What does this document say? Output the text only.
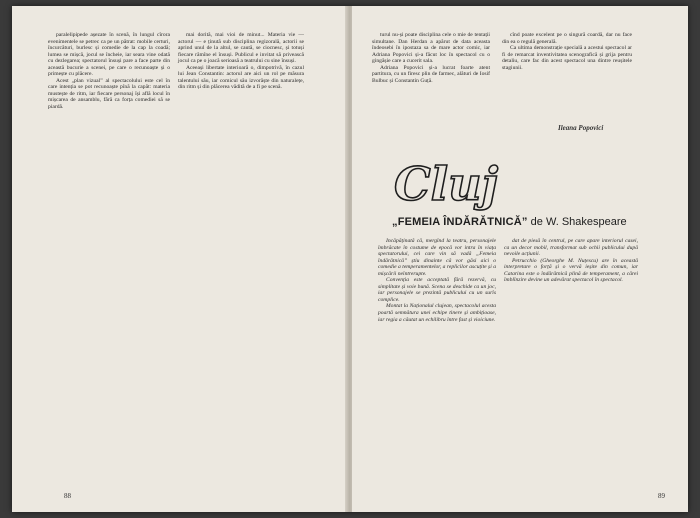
paralelipipede așezate în scenă, în lungul cîrora evenimentele se petrec ca pe un pătrat: mobile certuri, încurcături, burlesc și comedie de la cap la coadă; lumea se mișcă, jocul se încheie, iar seara vine odată cu dezlegarea; spectatorul însuși pare a face parte din această bucurie a scenei, pe care o recunoaște și o primește cu plăcere.

Acest „plan vizual” al spectacolului este cel în care intenția se pot recunoaște pînă la capăt: materia mustește de ritm, iar fiecare personaj își află locul în mișcarea de ansamblu, fără ca forța comediei să se piardă.

mai dorită, mai vioi de minut... Materia vie — actorul — e ținută sub disciplina regizorală, actorii se aprind unul de la altul, se caută, se ciocnesc, și totuși fiecare rămîne el însuși. Publicul e invitat să privească jocul ca pe o joacă serioasă a teatrului cu sine însuși.

Aceeași libertate interioară o, dimpotrivă, în cazul lui Jean Constantin: actorul are aici un rol pe măsura talentului său, iar comicul său izvorăște din naturalețe, din ritm și din plăcerea vădită de a fi pe scenă.

88

turul nu-și poate disciplina cele o mie de tentații simultane. Dan Herdan a apărut de data aceasta îndeosebi în ipostaza sa de mare actor comic, iar Adriana Popovici și-a făcut loc în spectacol cu o gingășie care a cucerit sala.

Adriana Popovici și-a lucrat foarte atent partitura, cu un firesc plin de farmec, alături de Iosif Bulbuc și Constantin Guță.

cînd poate excelent pe o singură coardă, dar nu face din ea o regulă generală.

Ca ultima demonstrație specială a acestui spectacol ar fi de remarcat inventivitatea scenografică și grija pentru detaliu, care fac din acest spectacol una dintre reușitele stagiunii.

Ileana Popovici
Cluj
„FEMEIA ÎNDĂRĂTNICĂ” de W. Shakespeare

Incăpăținată că, mergînd la teatru, personajele îmbrăcate în costume de epocă vor intra în viața spectatorului, cei care vin să vadă „Femeia îndărătnică” știu dinainte că vor găsi aici o comedie a temperamentelor, a replicilor ascuțite și a mișcării neîntrerupte.

Convenția este acceptată fără rezervă, cu simplitate și voie bună. Scena se deschide ca un joc, iar personajele se prezintă publicului cu un surîs complice.

Montat la Naționalul clujean, spectacolul acesta poartă semnătura unei echipe tinere și ambițioase, iar regia a căutat un echilibru între fast și vioiciune.

dat de piesă în centrul, pe care apare interiorul casei, ca un decor mobil, transformat sub ochii publicului după nevoile acțiunii.

Petrucchio (Gheorghe M. Nuțescu) are în această interpretare o forță și o vervă ieșite din comun, iar Catarina este o îndărătnică plină de temperament, a cărei îmblînzire devine un adevărat spectacol în spectacol.

89
